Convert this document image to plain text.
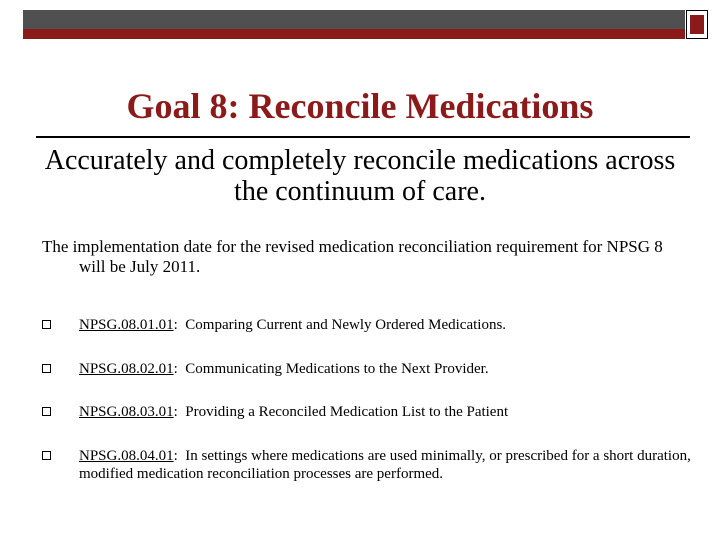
Goal 8: Reconcile Medications

Accurately and completely reconcile medications across the continuum of care.

The implementation date for the revised medication reconciliation requirement for NPSG 8 will be July 2011.

NPSG.08.01.01:  Comparing Current and Newly Ordered Medications.
NPSG.08.02.01:  Communicating Medications to the Next Provider.
NPSG.08.03.01:  Providing a Reconciled Medication List to the Patient
NPSG.08.04.01:  In settings where medications are used minimally, or prescribed for a short duration, modified medication reconciliation processes are performed.
